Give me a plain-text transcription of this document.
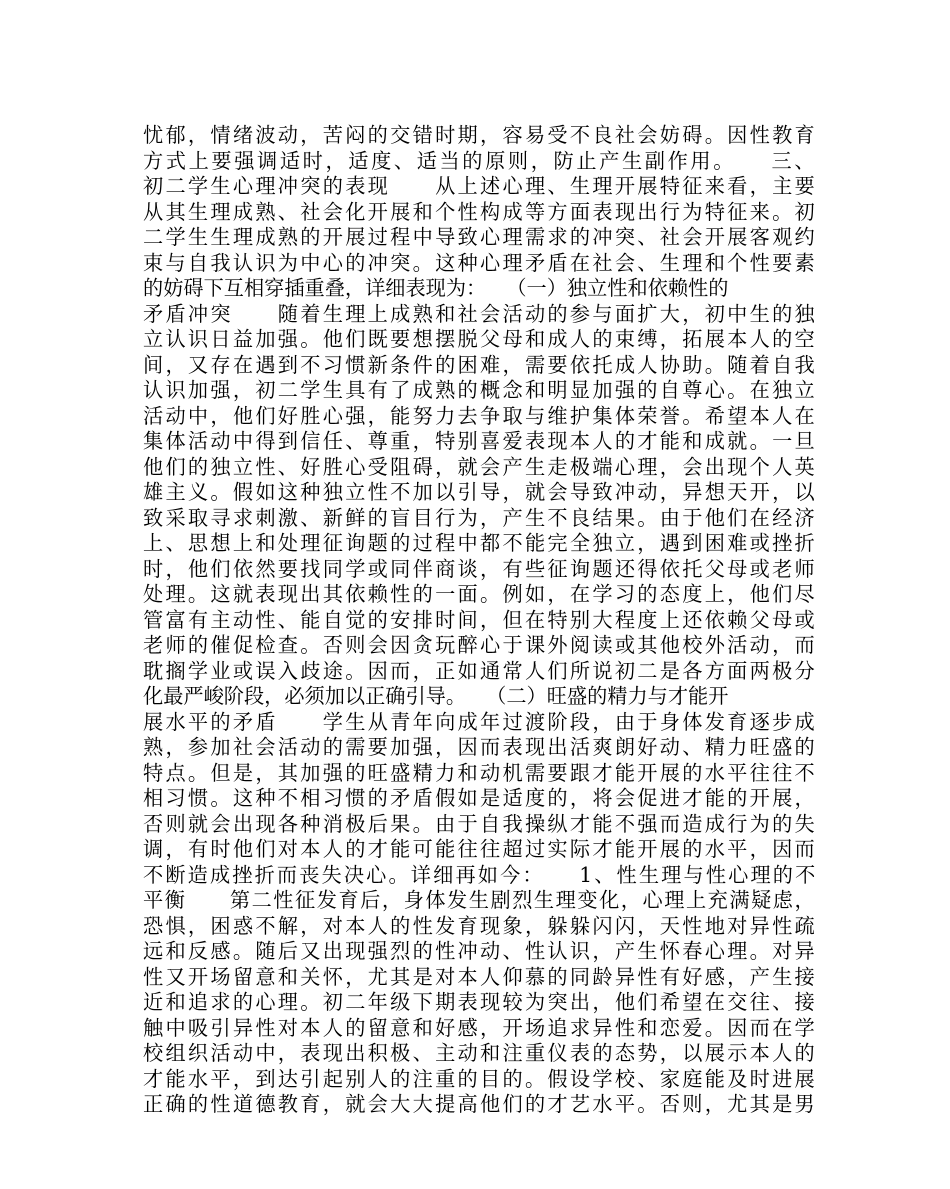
忧郁，情绪波动，苦闷的交错时期，容易受不良社会妨碍。因性教育
方式上要强调适时，适度、适当的原则，防止产生副作用。　　三、
初二学生心理冲突的表现　　从上述心理、生理开展特征来看，主要
从其生理成熟、社会化开展和个性构成等方面表现出行为特征来。初
二学生生理成熟的开展过程中导致心理需求的冲突、社会开展客观约
束与自我认识为中心的冲突。这种心理矛盾在社会、生理和个性要素
的妨碍下互相穿插重叠，详细表现为：　　（一）独立性和依赖性的
矛盾冲突　　随着生理上成熟和社会活动的参与面扩大，初中生的独
立认识日益加强。他们既要想摆脱父母和成人的束缚，拓展本人的空
间，又存在遇到不习惯新条件的困难，需要依托成人协助。随着自我
认识加强，初二学生具有了成熟的概念和明显加强的自尊心。在独立
活动中，他们好胜心强，能努力去争取与维护集体荣誉。希望本人在
集体活动中得到信任、尊重，特别喜爱表现本人的才能和成就。一旦
他们的独立性、好胜心受阻碍，就会产生走极端心理，会出现个人英
雄主义。假如这种独立性不加以引导，就会导致冲动，异想天开，以
致采取寻求刺激、新鲜的盲目行为，产生不良结果。由于他们在经济
上、思想上和处理征询题的过程中都不能完全独立，遇到困难或挫折
时，他们依然要找同学或同伴商谈，有些征询题还得依托父母或老师
处理。这就表现出其依赖性的一面。例如，在学习的态度上，他们尽
管富有主动性、能自觉的安排时间，但在特别大程度上还依赖父母或
老师的催促检查。否则会因贪玩醉心于课外阅读或其他校外活动，而
耽搁学业或误入歧途。因而，正如通常人们所说初二是各方面两极分
化最严峻阶段，必须加以正确引导。　　（二）旺盛的精力与才能开
展水平的矛盾　　学生从青年向成年过渡阶段，由于身体发育逐步成
熟，参加社会活动的需要加强，因而表现出活爽朗好动、精力旺盛的
特点。但是，其加强的旺盛精力和动机需要跟才能开展的水平往往不
相习惯。这种不相习惯的矛盾假如是适度的，将会促进才能的开展，
否则就会出现各种消极后果。由于自我操纵才能不强而造成行为的失
调，有时他们对本人的才能可能往往超过实际才能开展的水平，因而
不断造成挫折而丧失决心。详细再如今：　　1、性生理与性心理的不
平衡　　第二性征发育后，身体发生剧烈生理变化，心理上充满疑虑，
恐惧，困惑不解，对本人的性发育现象，躲躲闪闪，天性地对异性疏
远和反感。随后又出现强烈的性冲动、性认识，产生怀春心理。对异
性又开场留意和关怀，尤其是对本人仰慕的同龄异性有好感，产生接
近和追求的心理。初二年级下期表现较为突出，他们希望在交往、接
触中吸引异性对本人的留意和好感，开场追求异性和恋爱。因而在学
校组织活动中，表现出积极、主动和注重仪表的态势，以展示本人的
才能水平，到达引起别人的注重的目的。假设学校、家庭能及时进展
正确的性道德教育，就会大大提高他们的才艺水平。否则，尤其是男
